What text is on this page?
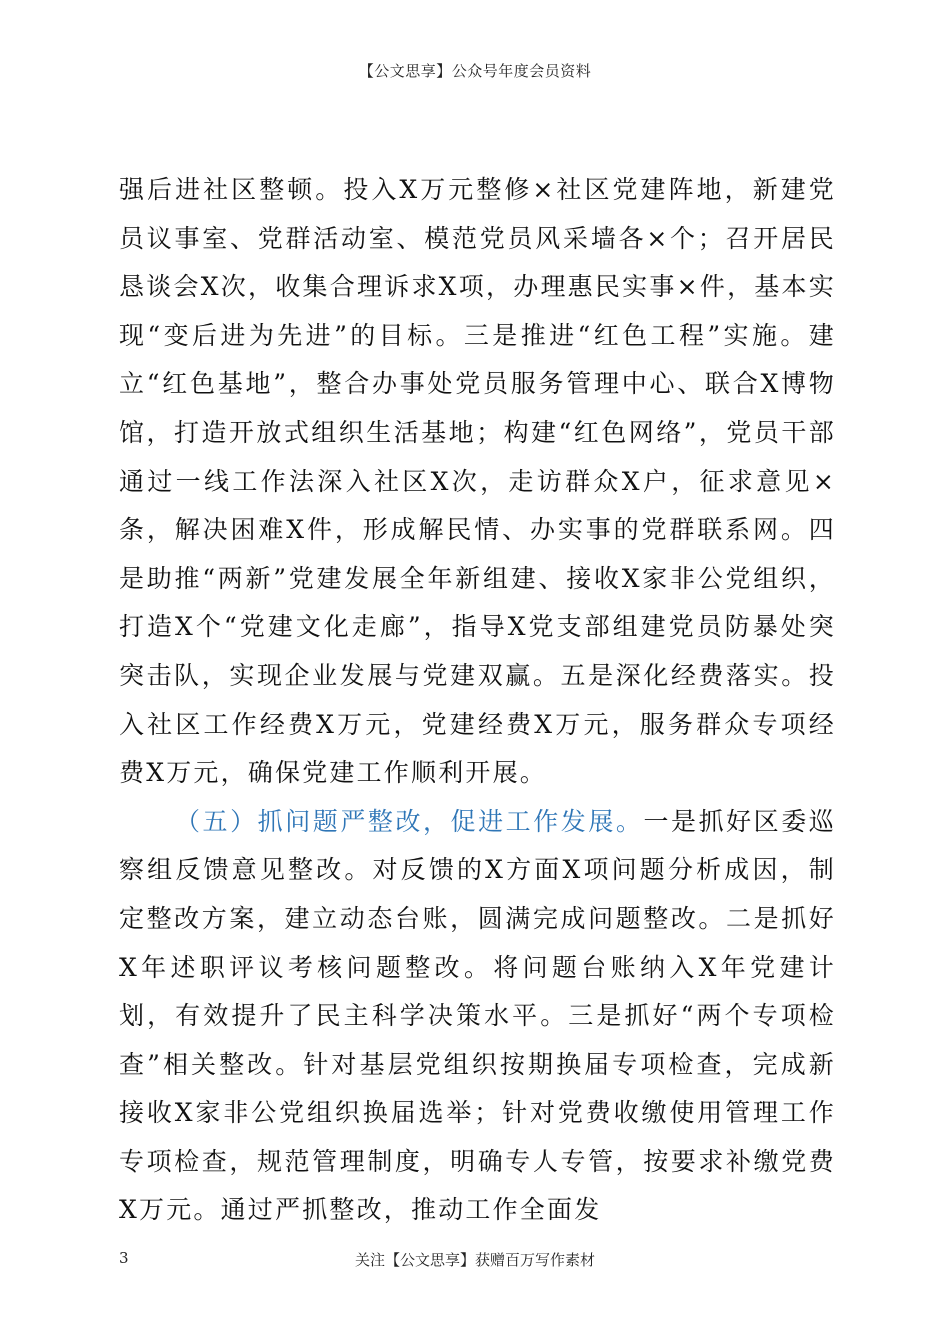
【公文思享】公众号年度会员资料

强后进社区整顿。投入X万元整修×社区党建阵地，新建党员议事室、党群活动室、模范党员风采墙各×个；召开居民恳谈会X次，收集合理诉求X项，办理惠民实事×件，基本实现“变后进为先进”的目标。三是推进“红色工程”实施。建立“红色基地”，整合办事处党员服务管理中心、联合X博物馆，打造开放式组织生活基地；构建“红色网络”，党员干部通过一线工作法深入社区X次，走访群众X户，征求意见×条，解决困难X件，形成解民情、办实事的党群联系网。四是助推“两新”党建发展全年新组建、接收X家非公党组织，打造X个“党建文化走廊”，指导X党支部组建党员防暴处突突击队，实现企业发展与党建双赢。五是深化经费落实。投入社区工作经费X万元，党建经费X万元，服务群众专项经费X万元，确保党建工作顺利开展。

（五）抓问题严整改，促进工作发展。一是抓好区委巡察组反馈意见整改。对反馈的X方面X项问题分析成因，制定整改方案，建立动态台账，圆满完成问题整改。二是抓好X年述职评议考核问题整改。将问题台账纳入X年党建计划，有效提升了民主科学决策水平。三是抓好“两个专项检查”相关整改。针对基层党组织按期换届专项检查，完成新接收X家非公党组织换届选举；针对党费收缴使用管理工作专项检查，规范管理制度，明确专人专管，按要求补缴党费X万元。通过严抓整改，推动工作全面发

3	关注【公文思享】获赠百万写作素材
